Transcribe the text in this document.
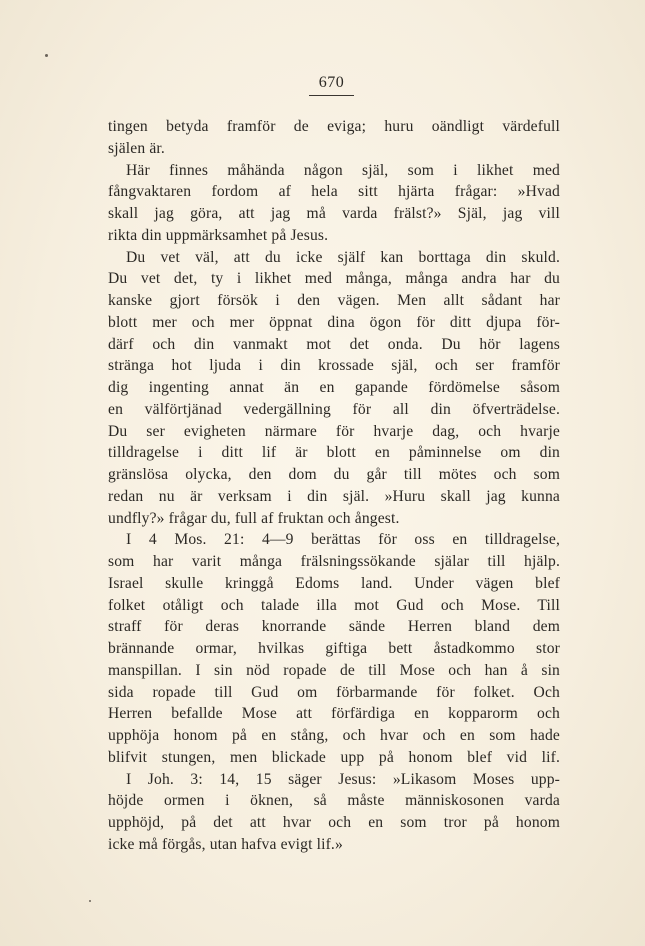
670
tingen betyda framför de eviga; huru oändligt värdefull
själen är.
Här finnes måhända någon själ, som i likhet med
fångvaktaren fordom af hela sitt hjärta frågar: »Hvad
skall jag göra, att jag må varda frälst?» Själ, jag vill
rikta din uppmärksamhet på Jesus.
Du vet väl, att du icke själf kan borttaga din skuld.
Du vet det, ty i likhet med många, många andra har du
kanske gjort försök i den vägen. Men allt sådant har
blott mer och mer öppnat dina ögon för ditt djupa för-
därf och din vanmakt mot det onda. Du hör lagens
stränga hot ljuda i din krossade själ, och ser framför
dig ingenting annat än en gapande fördömelse såsom
en välförtjänad vedergällning för all din öfverträdelse.
Du ser evigheten närmare för hvarje dag, och hvarje
tilldragelse i ditt lif är blott en påminnelse om din
gränslösa olycka, den dom du går till mötes och som
redan nu är verksam i din själ. »Huru skall jag kunna
undfly?» frågar du, full af fruktan och ångest.
I 4 Mos. 21: 4—9 berättas för oss en tilldragelse,
som har varit många frälsningssökande själar till hjälp.
Israel skulle kringgå Edoms land. Under vägen blef
folket otåligt och talade illa mot Gud och Mose. Till
straff för deras knorrande sände Herren bland dem
brännande ormar, hvilkas giftiga bett åstadkommo stor
manspillan. I sin nöd ropade de till Mose och han å sin
sida ropade till Gud om förbarmande för folket. Och
Herren befallde Mose att förfärdiga en kopparorm och
upphöja honom på en stång, och hvar och en som hade
blifvit stungen, men blickade upp på honom blef vid lif.
I Joh. 3: 14, 15 säger Jesus: »Likasom Moses upp-
höjde ormen i öknen, så måste människosonen varda
upphöjd, på det att hvar och en som tror på honom
icke må förgås, utan hafva evigt lif.»
